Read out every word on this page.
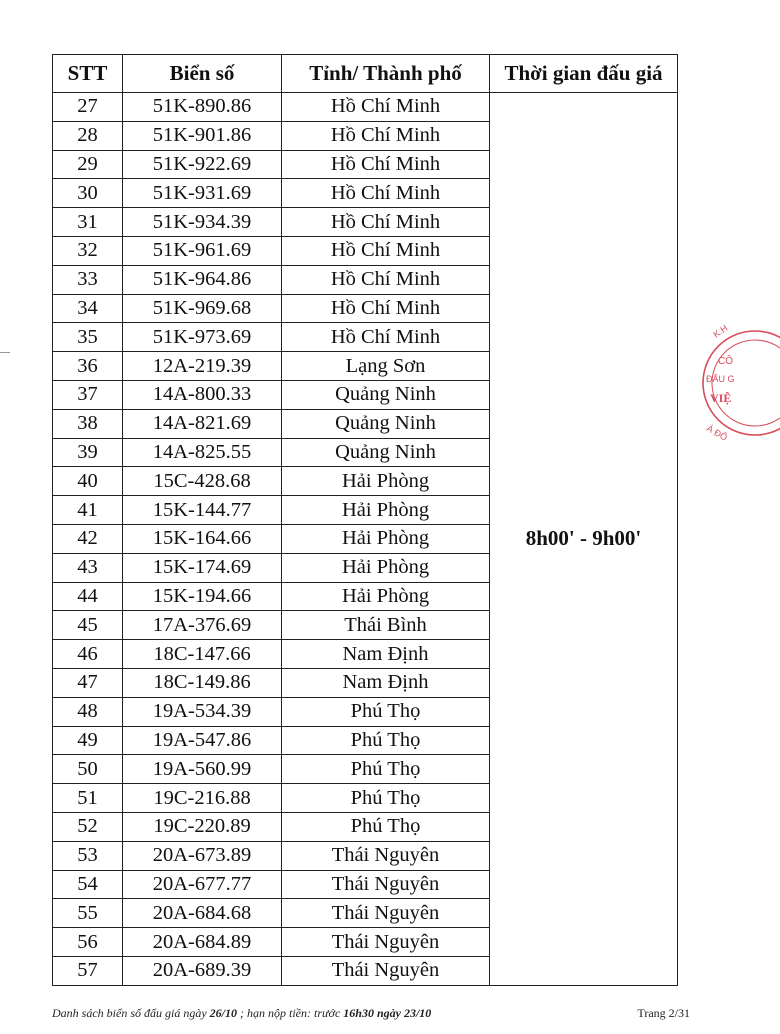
STT	Biển số	Tỉnh/ Thành phố	Thời gian đấu giá
27	51K-890.86	Hồ Chí Minh	8h00' - 9h00'
28	51K-901.86	Hồ Chí Minh	
29	51K-922.69	Hồ Chí Minh	
30	51K-931.69	Hồ Chí Minh	
31	51K-934.39	Hồ Chí Minh	
32	51K-961.69	Hồ Chí Minh	
33	51K-964.86	Hồ Chí Minh	
34	51K-969.68	Hồ Chí Minh	
35	51K-973.69	Hồ Chí Minh	
36	12A-219.39	Lạng Sơn	
37	14A-800.33	Quảng Ninh	
38	14A-821.69	Quảng Ninh	
39	14A-825.55	Quảng Ninh	
40	15C-428.68	Hải Phòng	
41	15K-144.77	Hải Phòng	
42	15K-164.66	Hải Phòng	
43	15K-174.69	Hải Phòng	
44	15K-194.66	Hải Phòng	
45	17A-376.69	Thái Bình	
46	18C-147.66	Nam Định	
47	18C-149.86	Nam Định	
48	19A-534.39	Phú Thọ	
49	19A-547.86	Phú Thọ	
50	19A-560.99	Phú Thọ	
51	19C-216.88	Phú Thọ	
52	19C-220.89	Phú Thọ	
53	20A-673.89	Thái Nguyên	
54	20A-677.77	Thái Nguyên	
55	20A-684.68	Thái Nguyên	
56	20A-684.89	Thái Nguyên	
57	20A-689.39	Thái Nguyên	
Danh sách biển số đấu giá ngày 26/10 ; hạn nộp tiền: trước 16h30 ngày 23/10	Trang 2/31
K.H
CÔ
ĐẤU G
VIỆ
À ĐÔ
